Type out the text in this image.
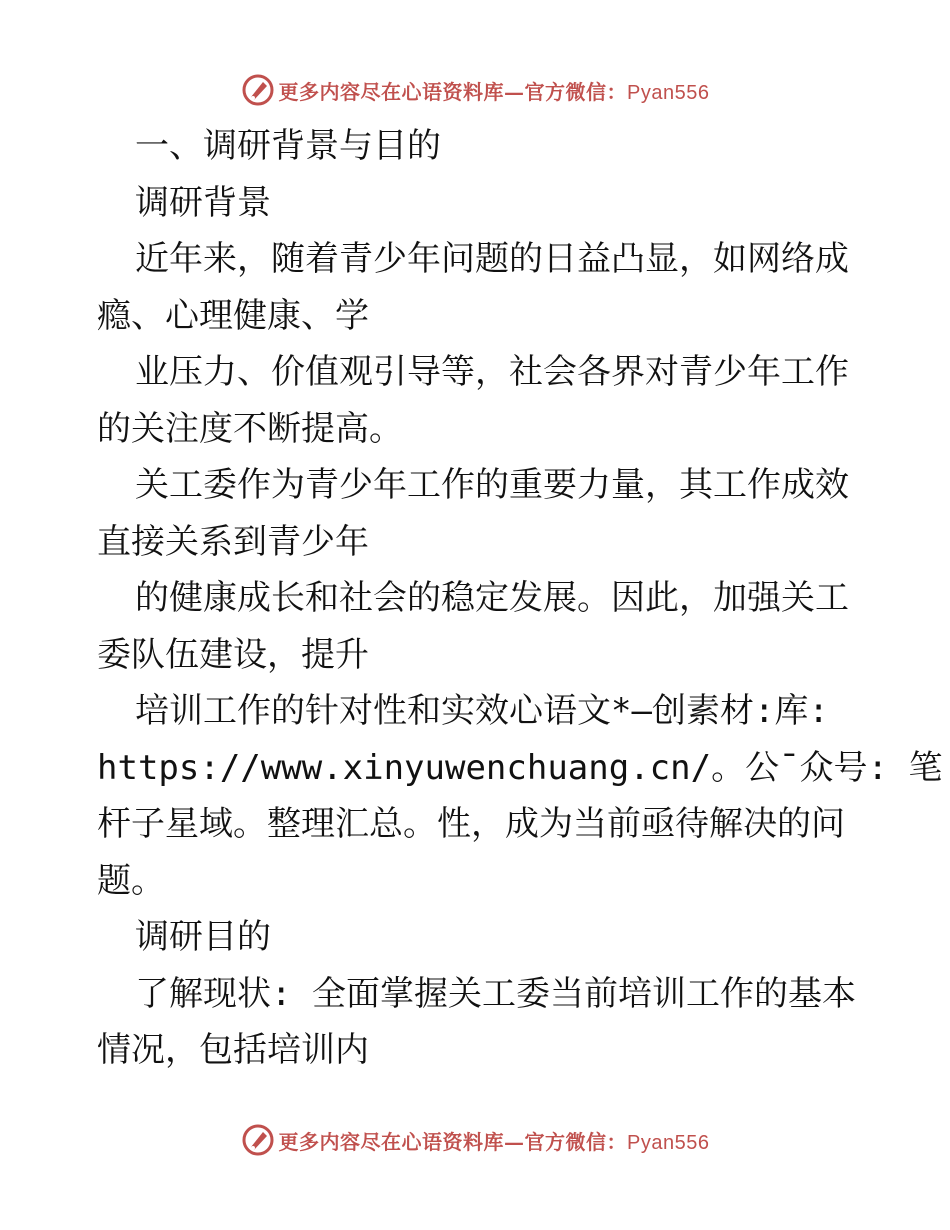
更多内容尽在心语资料库—官方微信：Pyan556
一、调研背景与目的
调研背景
近年来，随着青少年问题的日益凸显，如网络成
瘾、心理健康、学
业压力、价值观引导等，社会各界对青少年工作
的关注度不断提高。
关工委作为青少年工作的重要力量，其工作成效
直接关系到青少年
的健康成长和社会的稳定发展。因此，加强关工
委队伍建设，提升
培训工作的针对性和实效心语文*—创素材:库:
https://www.xinyuwenchuang.cn/。公¯众号: 笔
杆子星域。整理汇总。性，成为当前亟待解决的问
题。
调研目的
了解现状: 全面掌握关工委当前培训工作的基本
情况，包括培训内
更多内容尽在心语资料库—官方微信：Pyan556
